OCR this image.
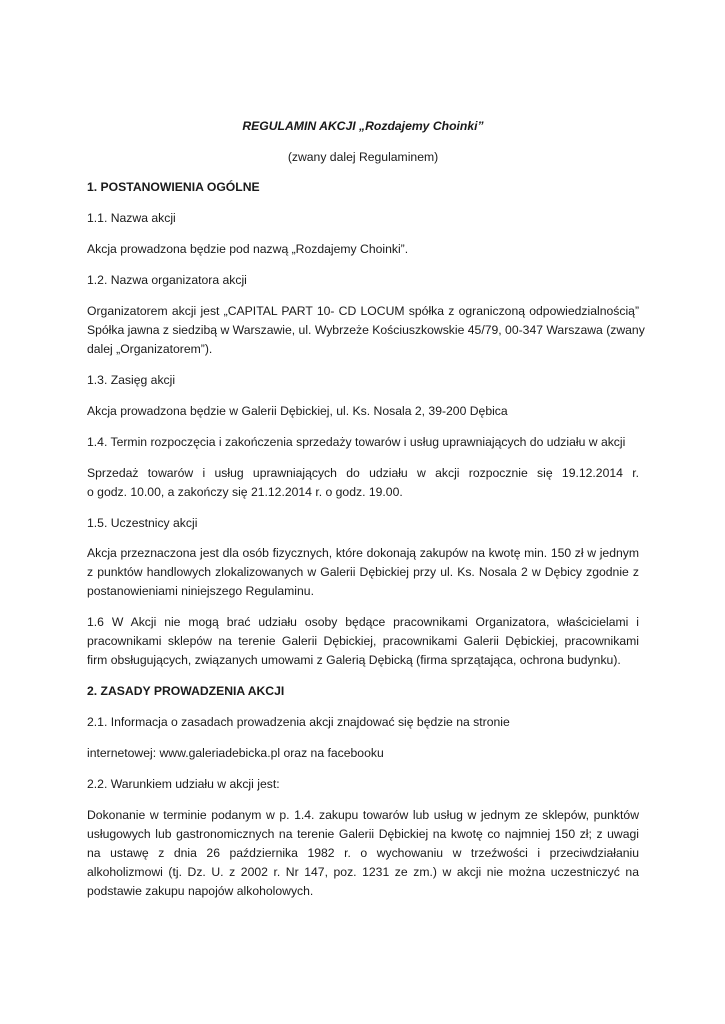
REGULAMIN AKCJI „Rozdajemy Choinki”
(zwany dalej Regulaminem)
1. POSTANOWIENIA OGÓLNE
1.1. Nazwa akcji
Akcja prowadzona będzie pod nazwą „Rozdajemy Choinki”.
1.2. Nazwa organizatora akcji
Organizatorem akcji jest „CAPITAL PART 10- CD LOCUM spółka z ograniczoną odpowiedzialnością”
Spółka jawna z siedzibą w Warszawie, ul. Wybrzeże Kościuszkowskie 45/79, 00-347 Warszawa (zwany
dalej „Organizatorem”).
1.3. Zasięg akcji
Akcja prowadzona będzie w Galerii Dębickiej, ul. Ks. Nosala 2, 39-200 Dębica
1.4. Termin rozpoczęcia i zakończenia sprzedaży towarów i usług uprawniających do udziału w akcji
Sprzedaż towarów i usług uprawniających do udziału w akcji rozpocznie się 19.12.2014 r.
o godz. 10.00, a zakończy się 21.12.2014 r. o godz. 19.00.
1.5. Uczestnicy akcji
Akcja przeznaczona jest dla osób fizycznych, które dokonają zakupów na kwotę min. 150 zł w jednym
z punktów handlowych zlokalizowanych w Galerii Dębickiej przy ul. Ks. Nosala 2 w Dębicy zgodnie z
postanowieniami niniejszego Regulaminu.
1.6 W Akcji nie mogą brać udziału osoby będące pracownikami Organizatora, właścicielami i
pracownikami sklepów na terenie Galerii Dębickiej, pracownikami Galerii Dębickiej, pracownikami
firm obsługujących, związanych umowami z Galerią Dębicką (firma sprzątająca, ochrona budynku).
2. ZASADY PROWADZENIA AKCJI
2.1. Informacja o zasadach prowadzenia akcji znajdować się będzie na stronie
internetowej: www.galeriadebicka.pl oraz na facebooku
2.2. Warunkiem udziału w akcji jest:
Dokonanie w terminie podanym w p. 1.4. zakupu towarów lub usług w jednym ze sklepów, punktów
usługowych lub gastronomicznych na terenie Galerii Dębickiej na kwotę co najmniej 150 zł; z uwagi
na ustawę z dnia 26 października 1982 r. o wychowaniu w trzeźwości i przeciwdziałaniu
alkoholizmowi (tj. Dz. U. z 2002 r. Nr 147, poz. 1231 ze zm.) w akcji nie można uczestniczyć na
podstawie zakupu napojów alkoholowych.
